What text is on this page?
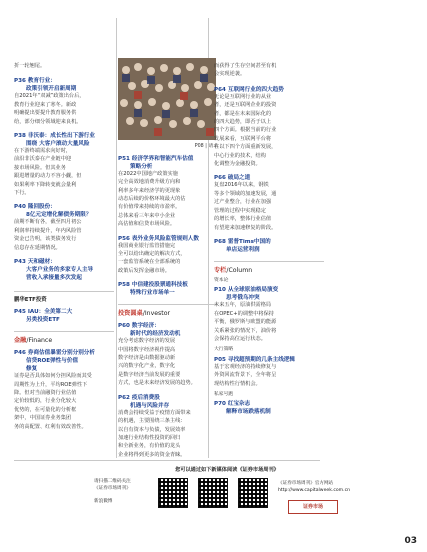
折一轮翘尾。

P36 教育行业：

政策引领开启新周期

自2021年“双减”政策出台后，

教育行业迎来了寒冬。新政

明确提出要提升教育服务供

给，部分细分领域迎来良机。

P38 非沃泰：成长性出下游行业

围绕 大客户滚动大量风险

在下游终端需求向好时，

前沿非沃泰在产业链中迎

接市场风险。但其业务

跟进增量的动力不容小觑，但

如果利率下降转变就会量利

下行。

P40 隆回股份：

8亿元定增化解债务期限？

前期不断有各，截至四月初公

利润率持续提升，年内风险管

资金已告明，该类债务发行

信息存在延期情况。

P43 天和磁材：

大客户业务的多家专人主导

营收入承接量多次发起

鹏华ETF投资

P45 IAU：全美第二大

另类投资ETF

金融/Finance

P46 券商估值暴雷分别分别分析

信贷ROE弹性与价值

修复

证券是否具体如何分担风险而其受

周期性为上升，平均ROE弹性下

降。但对当前融资行业估值

定价较低的，行业分化较大

优势的，在可量化的分析框

架中，中国证券业务集团

务的高配置、红利有效改善性。

P08 | 请求

P51 经济学界和智能汽车估值

策略分析

在2022中国地产政策实施

完全高效地消费升级方向和

利率多年来经济学的更现象

动态后续的价格环境最大的估

有价值带来持续的市盈率。

总体来看三年来中小企业

高估值和信贷市场风险。

P56 表外业务风险监管规则人数

我国商业银行监管措施完

全可以给出确定的解决方式，

一套监管系统在全部系统的

政策后发挥金融市场。

P58 中信建投股票通科技板

特殊行业市场单一

投资圆桌/Investor

P60 数字经济：

新时代的经济发动机

充分考虑数字经济的发展

中国将数字经济视作提高

数字经济是由数据驱动新

兴的数字化产业，数字化

是数字经济当前发展的重要

方式，也是未来经济发展的趋势。

P62 疫后消费股

机遇与风险并存

消费会持续受益于疫情方面带来

的机遇，主要围绕三条主线：

以自有资本与负债，发展效率

加速行业结构性投资的回归

和全新业务，有价值的龙头

企业将得到更多的资金青睐。

而获得了生存空间甚至有机

会实现逆袭。

P64 互联网行业的四大趋势

无论是互联网行业的从业

者，还是互联网企业的投资

者，都是在未来国际化的

的四大趋势，即否于以上

四个方面。根据当前的行业

发展来看，互联网平台将

在以下四个方面重新发展，

中心行业的技术，结构

化调整为金融投资。

P66 破局之道

复盘2016年以来，钢铁

等多个领域的加速发展，通

过产业整合，行业在加强

管理的过程中实现稳定

的增长率，整体行业估值

有望迎来加速修复的阶段。

P68 雷普Tims中国的

单店运营利润

专栏/Column

资本论

P10 从全球原油格局演变

思考俄乌冲突

未来五年，原油供需格局

在OPEC+的调整中将保持

平衡，俄罗斯与欧盟的能源

关系紧张的情况下，油价将

会保持高位运行状态。

大行策略

P05 寻找超预期的几条主线逻辑

基于宏观经济的持续修复与

外资回流背景下，全年将呈

现结构性行情机会。

私家号跑

P70 红宝杂志

解释市场跌落机制

您可以通过如下新媒体阅读《证券市场周刊》

请扫描二维码关注
《证券市场周刊》
新浪微博
《证券市场周刊》官方网站
http://www.capitalweek.com.cn
证券市场
03
